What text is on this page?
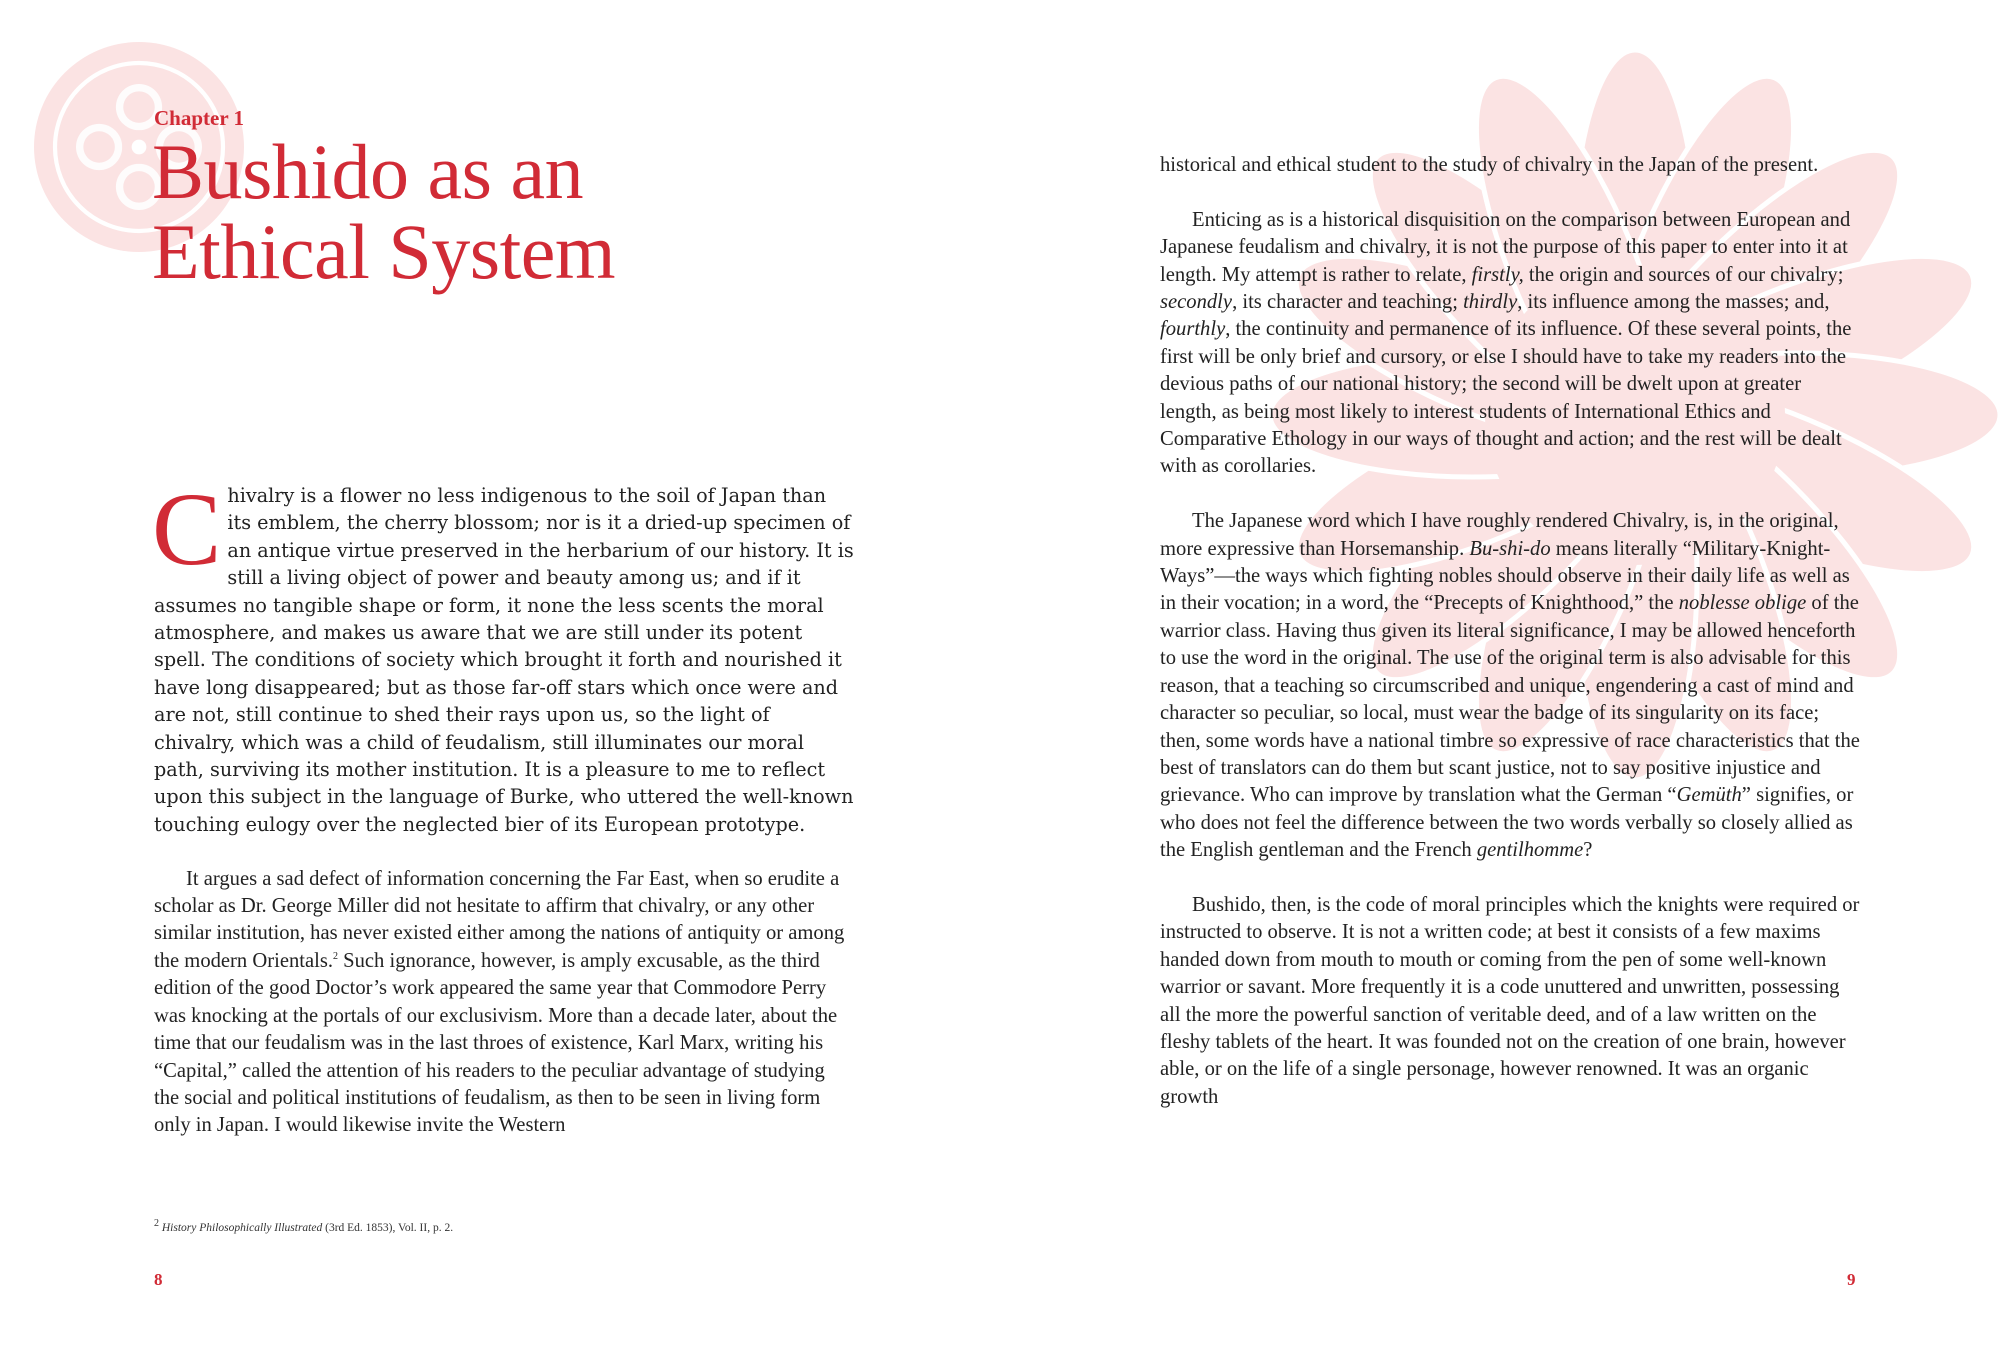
Chapter 1
Bushido as an
Ethical System

Chivalry is a flower no less indigenous to the soil of Japan than its emblem, the cherry blossom; nor is it a dried-up specimen of an antique virtue preserved in the herbarium of our history. It is still a living object of power and beauty among us; and if it assumes no tangible shape or form, it none the less scents the moral atmosphere, and makes us aware that we are still under its potent spell. The conditions of society which brought it forth and nourished it have long disappeared; but as those far-off stars which once were and are not, still continue to shed their rays upon us, so the light of chivalry, which was a child of feudalism, still illuminates our moral path, surviving its mother institution. It is a pleasure to me to reflect upon this subject in the language of Burke, who uttered the well-known touching eulogy over the neglected bier of its European prototype.

It argues a sad defect of information concerning the Far East, when so erudite a scholar as Dr. George Miller did not hesitate to affirm that chivalry, or any other similar institution, has never existed either among the nations of antiquity or among the modern Orientals.$^2$ Such ignorance, however, is amply excusable, as the third edition of the good Doctor’s work appeared the same year that Commodore Perry was knocking at the portals of our exclusivism. More than a decade later, about the time that our feudalism was in the last throes of existence, Karl Marx, writing his “Capital,” called the attention of his readers to the peculiar advantage of studying the social and political institutions of feudalism, as then to be seen in living form only in Japan. I would likewise invite the Western

$^2$ History Philosophically Illustrated (3rd Ed. 1853), Vol. II, p. 2.
8

historical and ethical student to the study of chivalry in the Japan of the present.

Enticing as is a historical disquisition on the comparison between European and Japanese feudalism and chivalry, it is not the purpose of this paper to enter into it at length. My attempt is rather to relate, firstly, the origin and sources of our chivalry; secondly, its character and teaching; thirdly, its influence among the masses; and, fourthly, the continuity and permanence of its influence. Of these several points, the first will be only brief and cursory, or else I should have to take my readers into the devious paths of our national history; the second will be dwelt upon at greater length, as being most likely to interest students of International Ethics and Comparative Ethology in our ways of thought and action; and the rest will be dealt with as corollaries.

The Japanese word which I have roughly rendered Chivalry, is, in the original, more expressive than Horsemanship. Bu-shi-do means literally “Military-Knight-Ways”—the ways which fighting nobles should observe in their daily life as well as in their vocation; in a word, the “Precepts of Knighthood,” the noblesse oblige of the warrior class. Having thus given its literal significance, I may be allowed henceforth to use the word in the original. The use of the original term is also advisable for this reason, that a teaching so circumscribed and unique, engendering a cast of mind and character so peculiar, so local, must wear the badge of its singularity on its face; then, some words have a national timbre so expressive of race characteristics that the best of translators can do them but scant justice, not to say positive injustice and grievance. Who can improve by translation what the German “Gemüth” signifies, or who does not feel the difference between the two words verbally so closely allied as the English gentleman and the French gentilhomme?

Bushido, then, is the code of moral principles which the knights were required or instructed to observe. It is not a written code; at best it consists of a few maxims handed down from mouth to mouth or coming from the pen of some well-known warrior or savant. More frequently it is a code unuttered and unwritten, possessing all the more the powerful sanction of veritable deed, and of a law written on the fleshy tablets of the heart. It was founded not on the creation of one brain, however able, or on the life of a single personage, however renowned. It was an organic growth

9
